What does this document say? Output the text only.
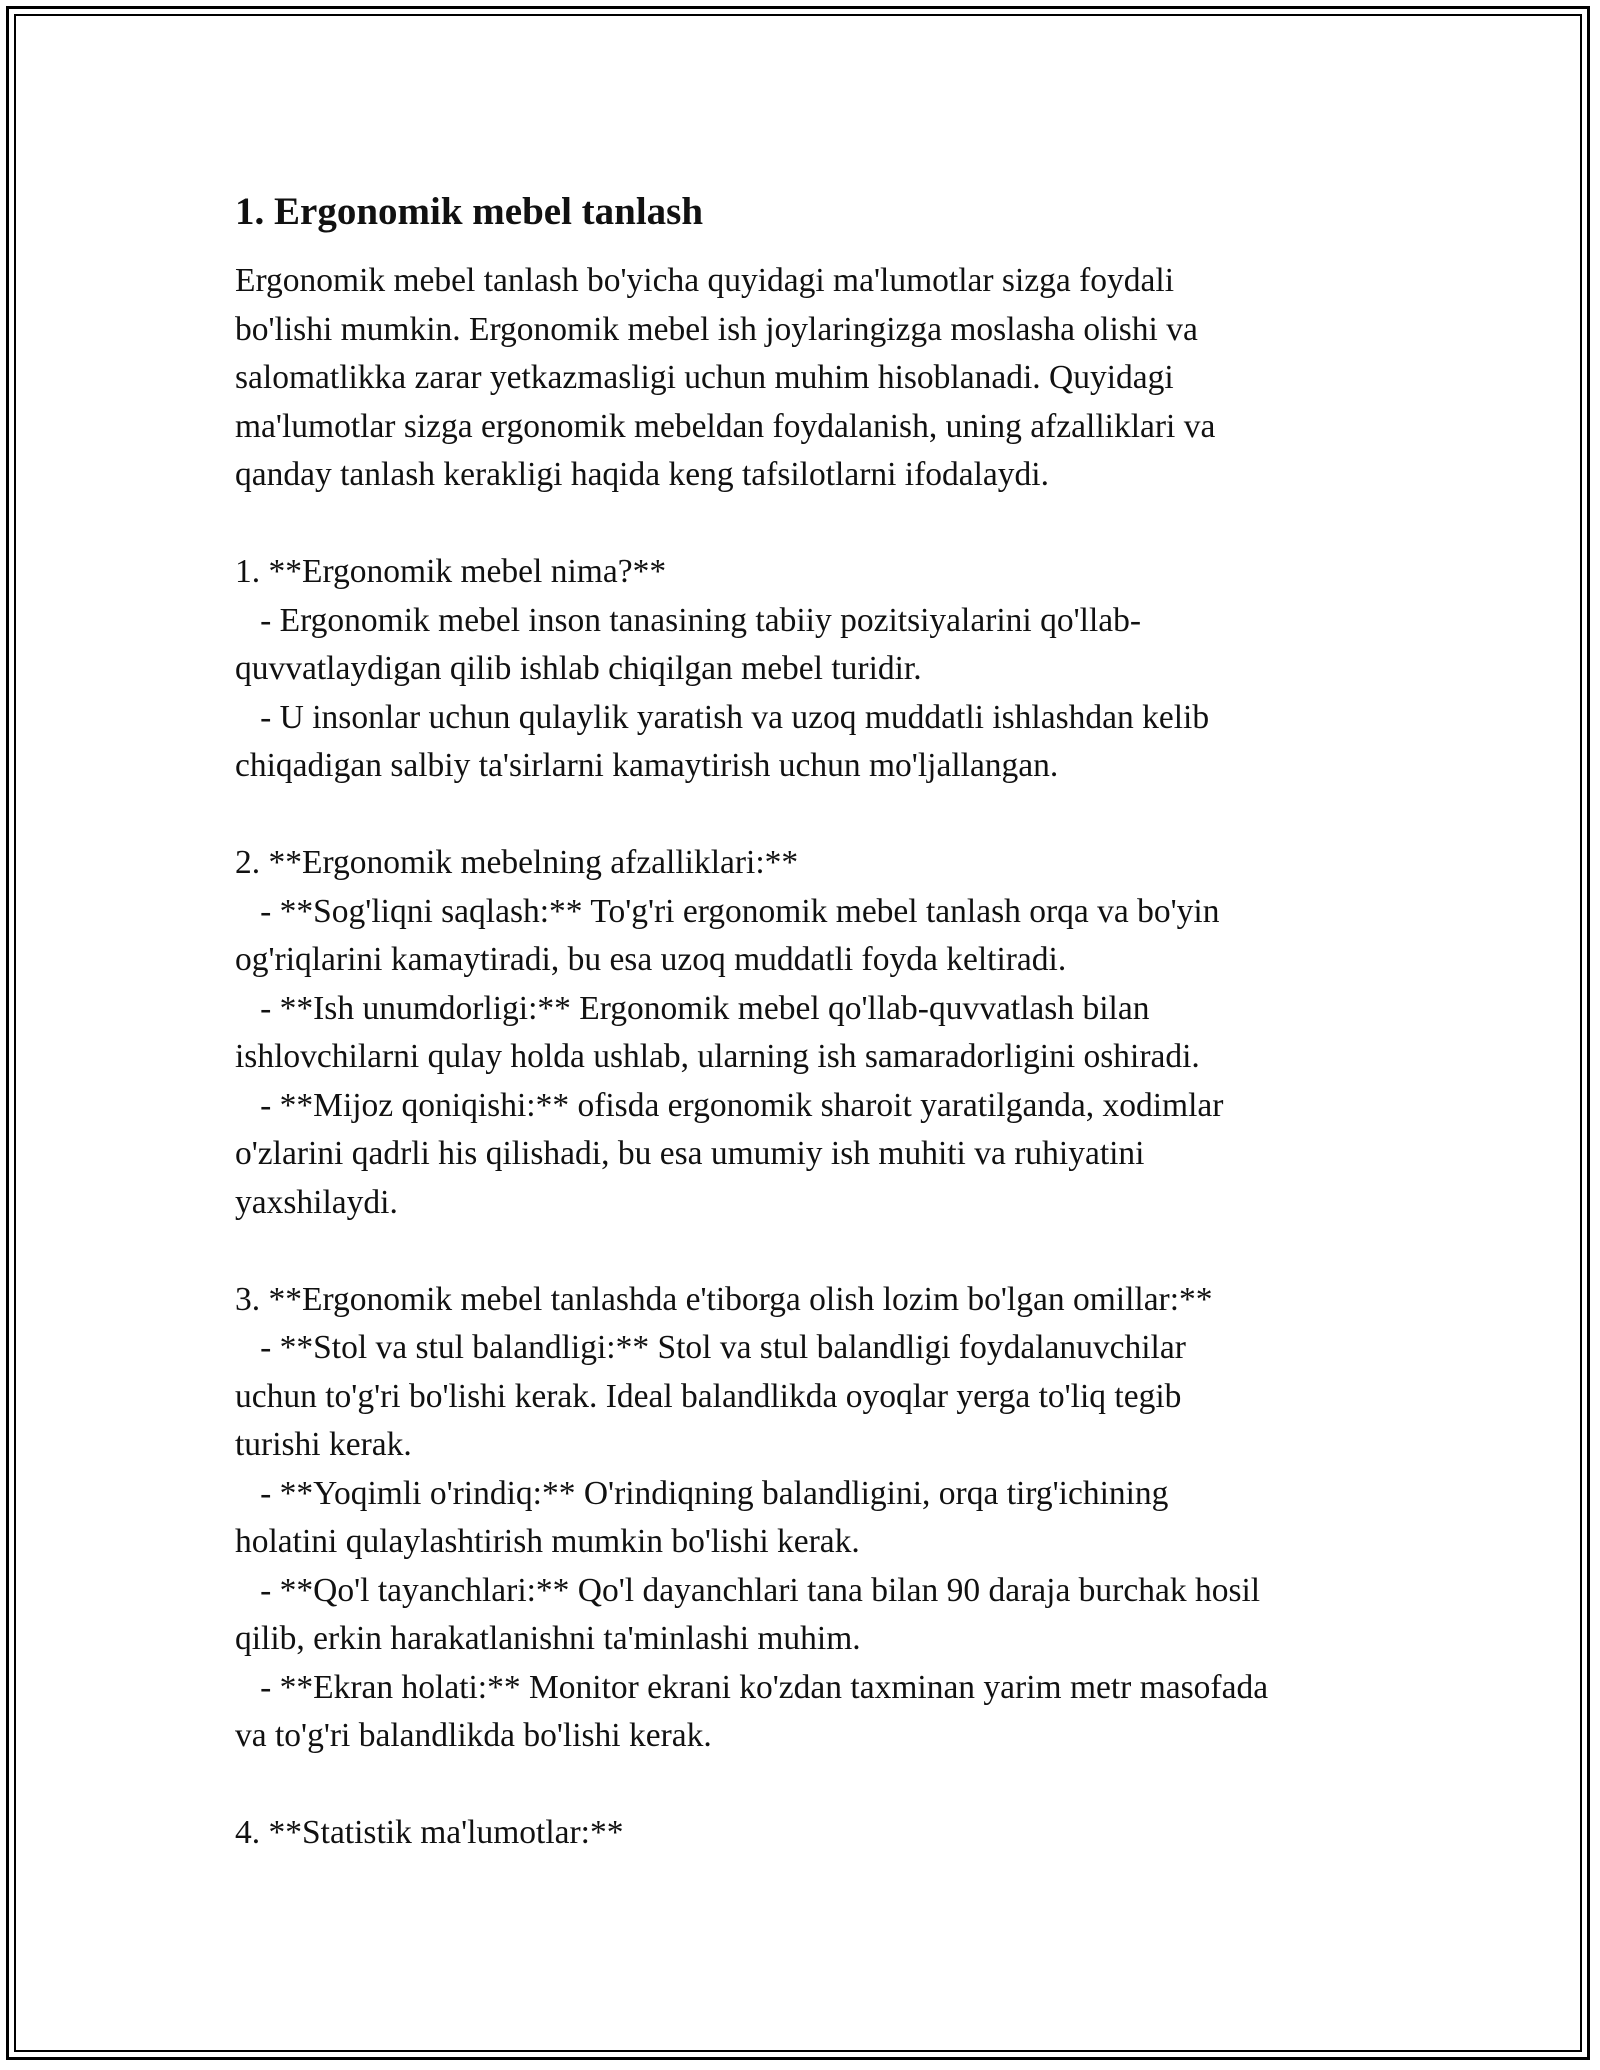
1. Ergonomik mebel tanlash
Ergonomik mebel tanlash bo'yicha quyidagi ma'lumotlar sizga foydali
bo'lishi mumkin. Ergonomik mebel ish joylaringizga moslasha olishi va
salomatlikka zarar yetkazmasligi uchun muhim hisoblanadi. Quyidagi
ma'lumotlar sizga ergonomik mebeldan foydalanish, uning afzalliklari va
qanday tanlash kerakligi haqida keng tafsilotlarni ifodalaydi.
1. **Ergonomik mebel nima?**
- Ergonomik mebel inson tanasining tabiiy pozitsiyalarini qo'llab-
quvvatlaydigan qilib ishlab chiqilgan mebel turidir.
- U insonlar uchun qulaylik yaratish va uzoq muddatli ishlashdan kelib
chiqadigan salbiy ta'sirlarni kamaytirish uchun mo'ljallangan.
2. **Ergonomik mebelning afzalliklari:**
- **Sog'liqni saqlash:** To'g'ri ergonomik mebel tanlash orqa va bo'yin
og'riqlarini kamaytiradi, bu esa uzoq muddatli foyda keltiradi.
- **Ish unumdorligi:** Ergonomik mebel qo'llab-quvvatlash bilan
ishlovchilarni qulay holda ushlab, ularning ish samaradorligini oshiradi.
- **Mijoz qoniqishi:** ofisda ergonomik sharoit yaratilganda, xodimlar
o'zlarini qadrli his qilishadi, bu esa umumiy ish muhiti va ruhiyatini
yaxshilaydi.
3. **Ergonomik mebel tanlashda e'tiborga olish lozim bo'lgan omillar:**
- **Stol va stul balandligi:** Stol va stul balandligi foydalanuvchilar
uchun to'g'ri bo'lishi kerak. Ideal balandlikda oyoqlar yerga to'liq tegib
turishi kerak.
- **Yoqimli o'rindiq:** O'rindiqning balandligini, orqa tirg'ichining
holatini qulaylashtirish mumkin bo'lishi kerak.
- **Qo'l tayanchlari:** Qo'l dayanchlari tana bilan 90 daraja burchak hosil
qilib, erkin harakatlanishni ta'minlashi muhim.
- **Ekran holati:** Monitor ekrani ko'zdan taxminan yarim metr masofada
va to'g'ri balandlikda bo'lishi kerak.
4. **Statistik ma'lumotlar:**
